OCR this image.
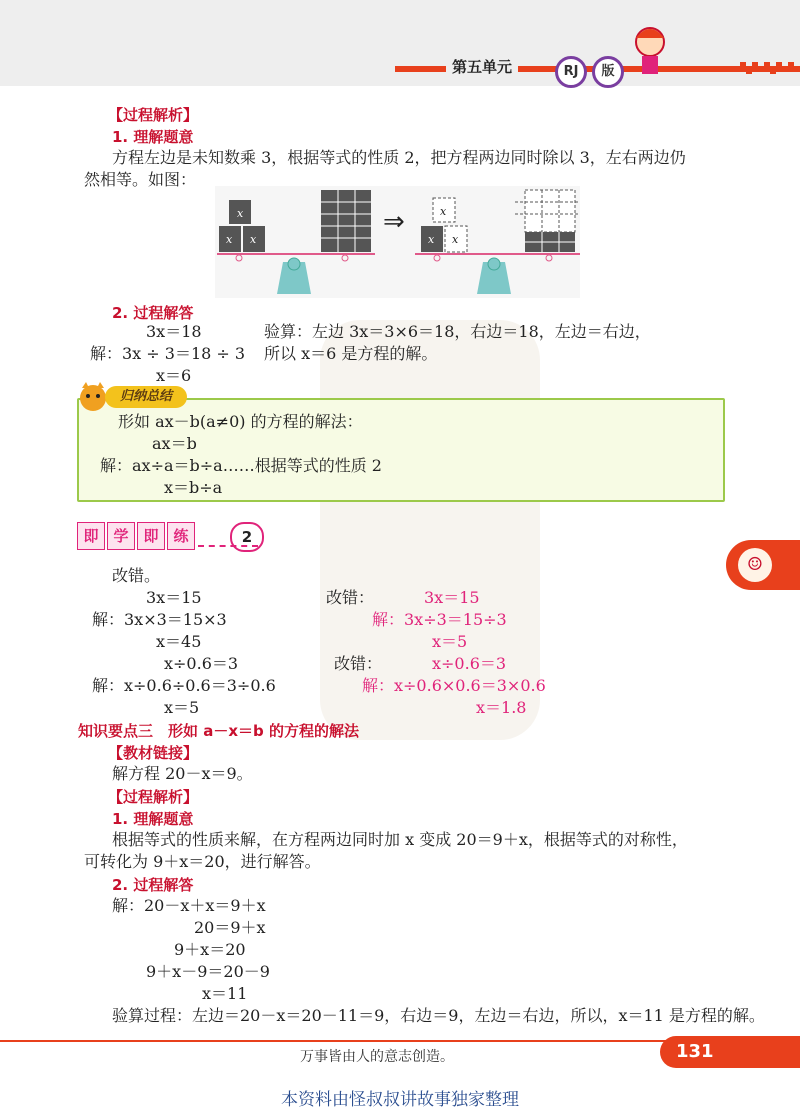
第五单元	RJ	版
【过程解析】
1. 理解题意
方程左边是未知数乘 3，根据等式的性质 2，把方程两边同时除以 3，左右两边仍
然相等。如图：
x
x x
⇒	x
x x
2. 过程解答
3x＝18
解：3x ÷ 3＝18 ÷ 3
x＝6
验算：左边 3x＝3×6＝18，右边＝18，左边＝右边，
所以 x＝6 是方程的解。
归纳总结
形如 ax－b(a≠0) 的方程的解法：
ax＝b
解：ax÷a＝b÷a……根据等式的性质 2
x＝b÷a
即 学 即 练	2
改错。
3x＝15
解：3x×3＝15×3
x＝45
改错：	3x＝15
解：3x÷3＝15÷3
x＝5
x÷0.6＝3
解：x÷0.6÷0.6＝3÷0.6
x＝5
改错：	x÷0.6＝3
解：x÷0.6×0.6＝3×0.6
x＝1.8
知识要点三　形如 a－x＝b 的方程的解法
【教材链接】
解方程 20－x＝9。
【过程解析】
1. 理解题意
根据等式的性质来解，在方程两边同时加 x 变成 20＝9＋x，根据等式的对称性，
可转化为 9＋x＝20，进行解答。
2. 过程解答
解：20－x＋x＝9＋x
20＝9＋x
9＋x＝20
9＋x－9＝20－9
x＝11
验算过程：左边＝20－x＝20－11＝9，右边＝9，左边＝右边，所以，x＝11 是方程的解。
☺
万事皆由人的意志创造。	131
本资料由怪叔叔讲故事独家整理
